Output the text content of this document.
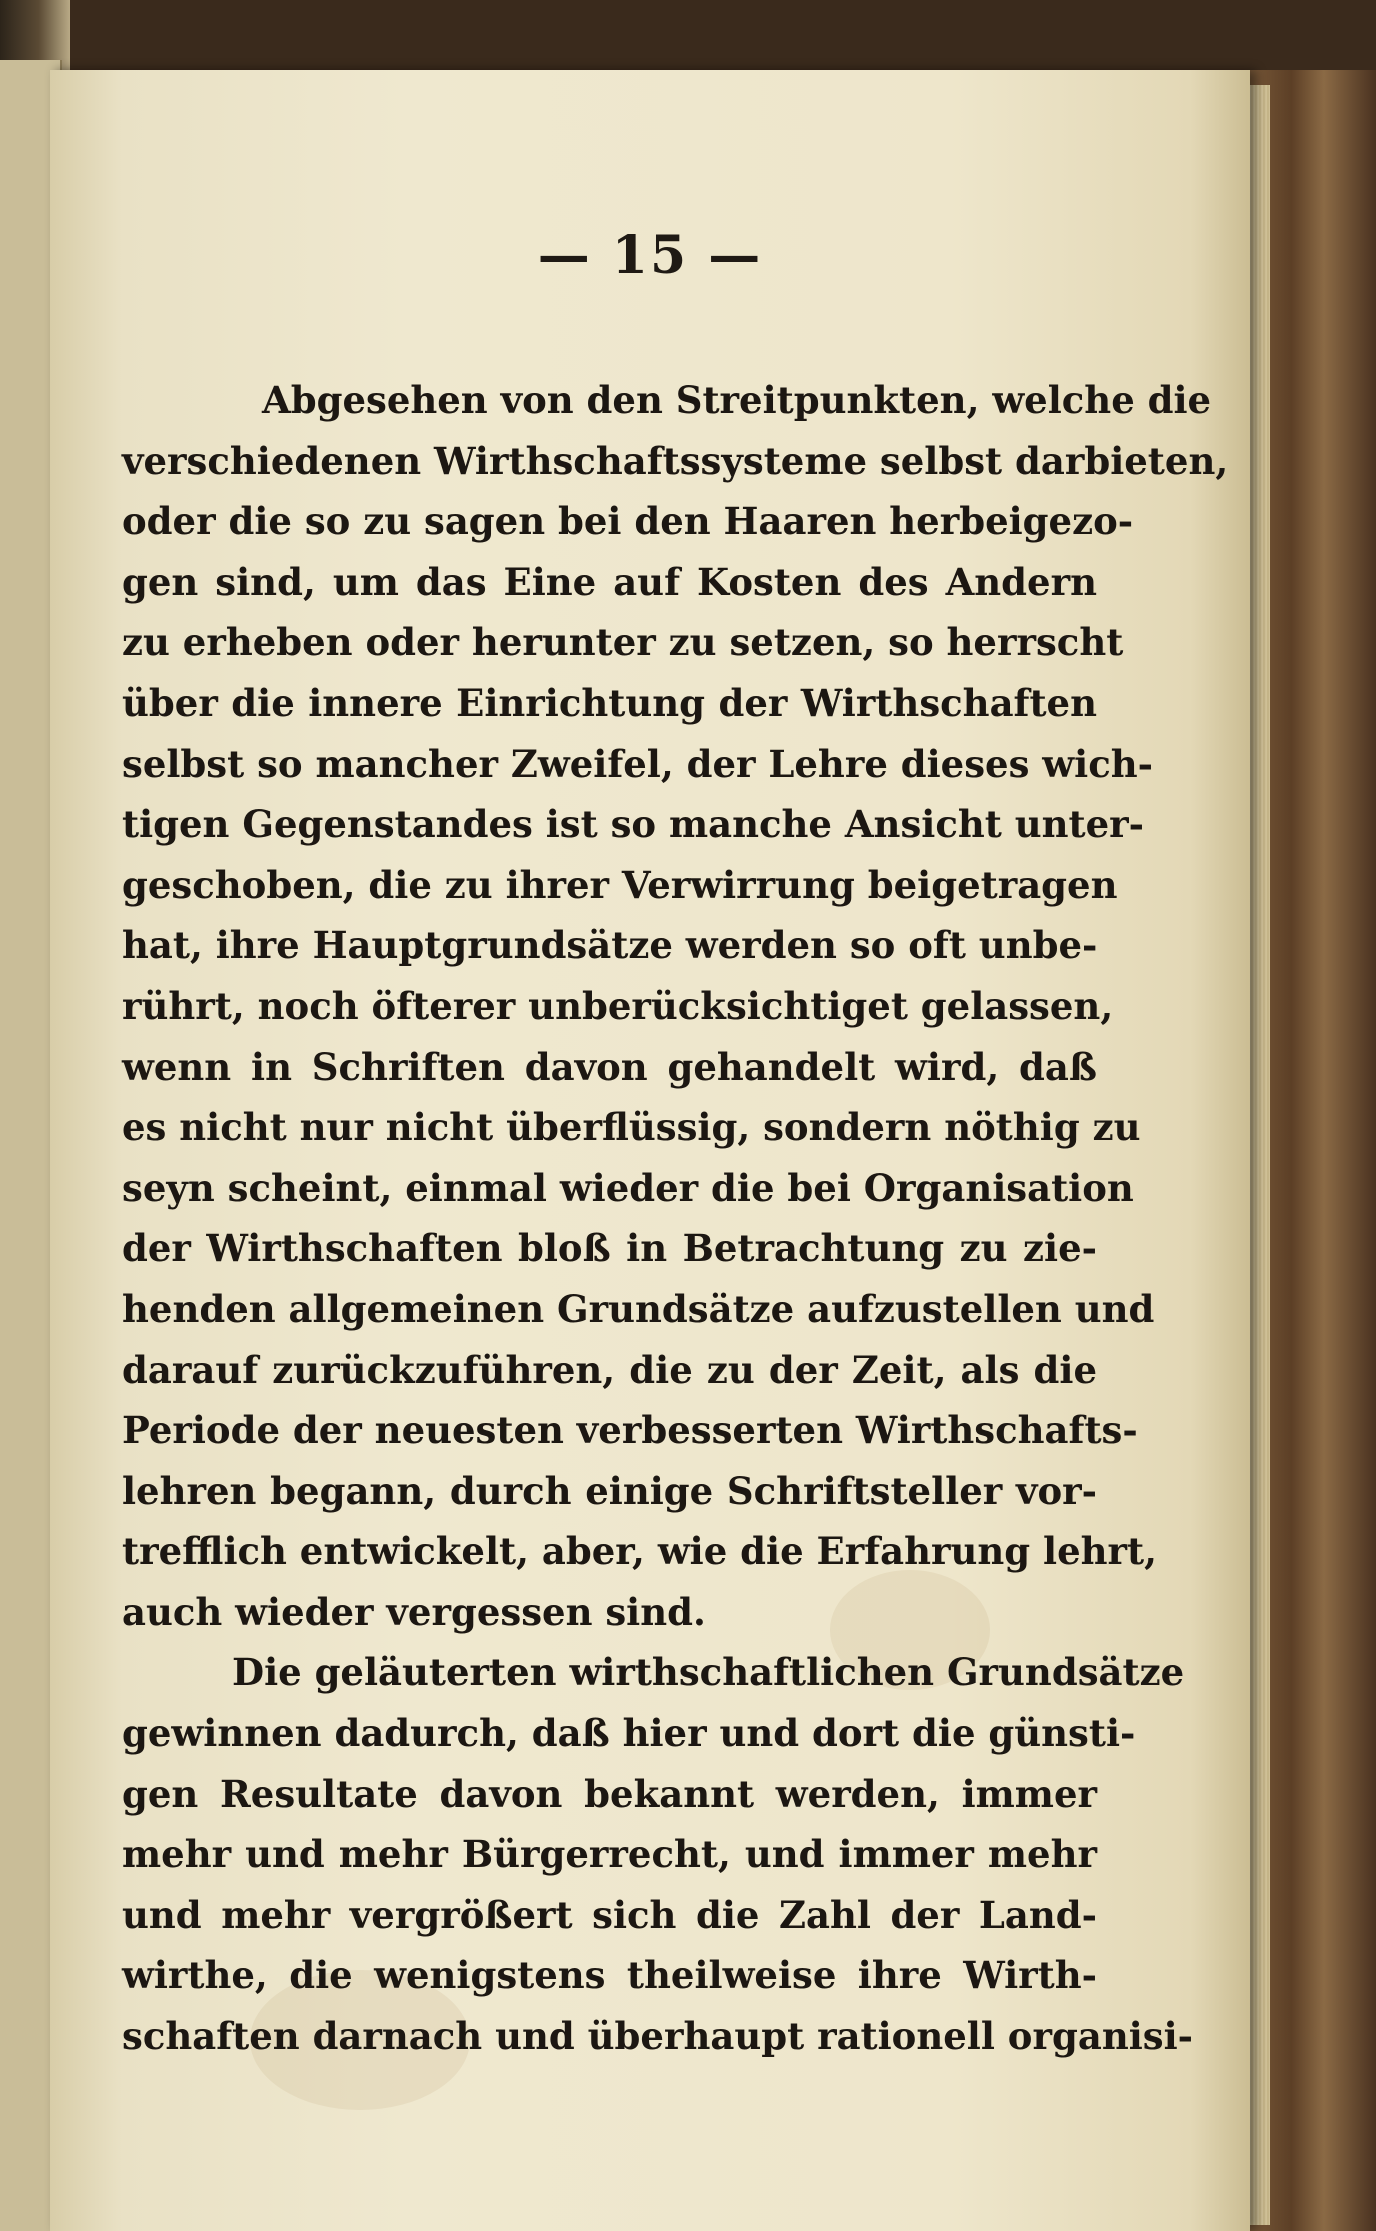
— 15 —
Abgesehen von den Streitpunkten, welche die
verschiedenen Wirthschaftssysteme selbst darbieten,
oder die so zu sagen bei den Haaren herbeigezo-
gen sind, um das Eine auf Kosten des Andern
zu erheben oder herunter zu setzen, so herrscht
über die innere Einrichtung der Wirthschaften
selbst so mancher Zweifel, der Lehre dieses wich-
tigen Gegenstandes ist so manche Ansicht unter-
geschoben, die zu ihrer Verwirrung beigetragen
hat, ihre Hauptgrundsätze werden so oft unbe-
rührt, noch öfterer unberücksichtiget gelassen,
wenn in Schriften davon gehandelt wird, daß
es nicht nur nicht überflüssig, sondern nöthig zu
seyn scheint, einmal wieder die bei Organisation
der Wirthschaften bloß in Betrachtung zu zie-
henden allgemeinen Grundsätze aufzustellen und
darauf zurückzuführen, die zu der Zeit, als die
Periode der neuesten verbesserten Wirthschafts-
lehren begann, durch einige Schriftsteller vor-
trefflich entwickelt, aber, wie die Erfahrung lehrt,
auch wieder vergessen sind.
Die geläuterten wirthschaftlichen Grundsätze
gewinnen dadurch, daß hier und dort die günsti-
gen Resultate davon bekannt werden, immer
mehr und mehr Bürgerrecht, und immer mehr
und mehr vergrößert sich die Zahl der Land-
wirthe, die wenigstens theilweise ihre Wirth-
schaften darnach und überhaupt rationell organisi-
